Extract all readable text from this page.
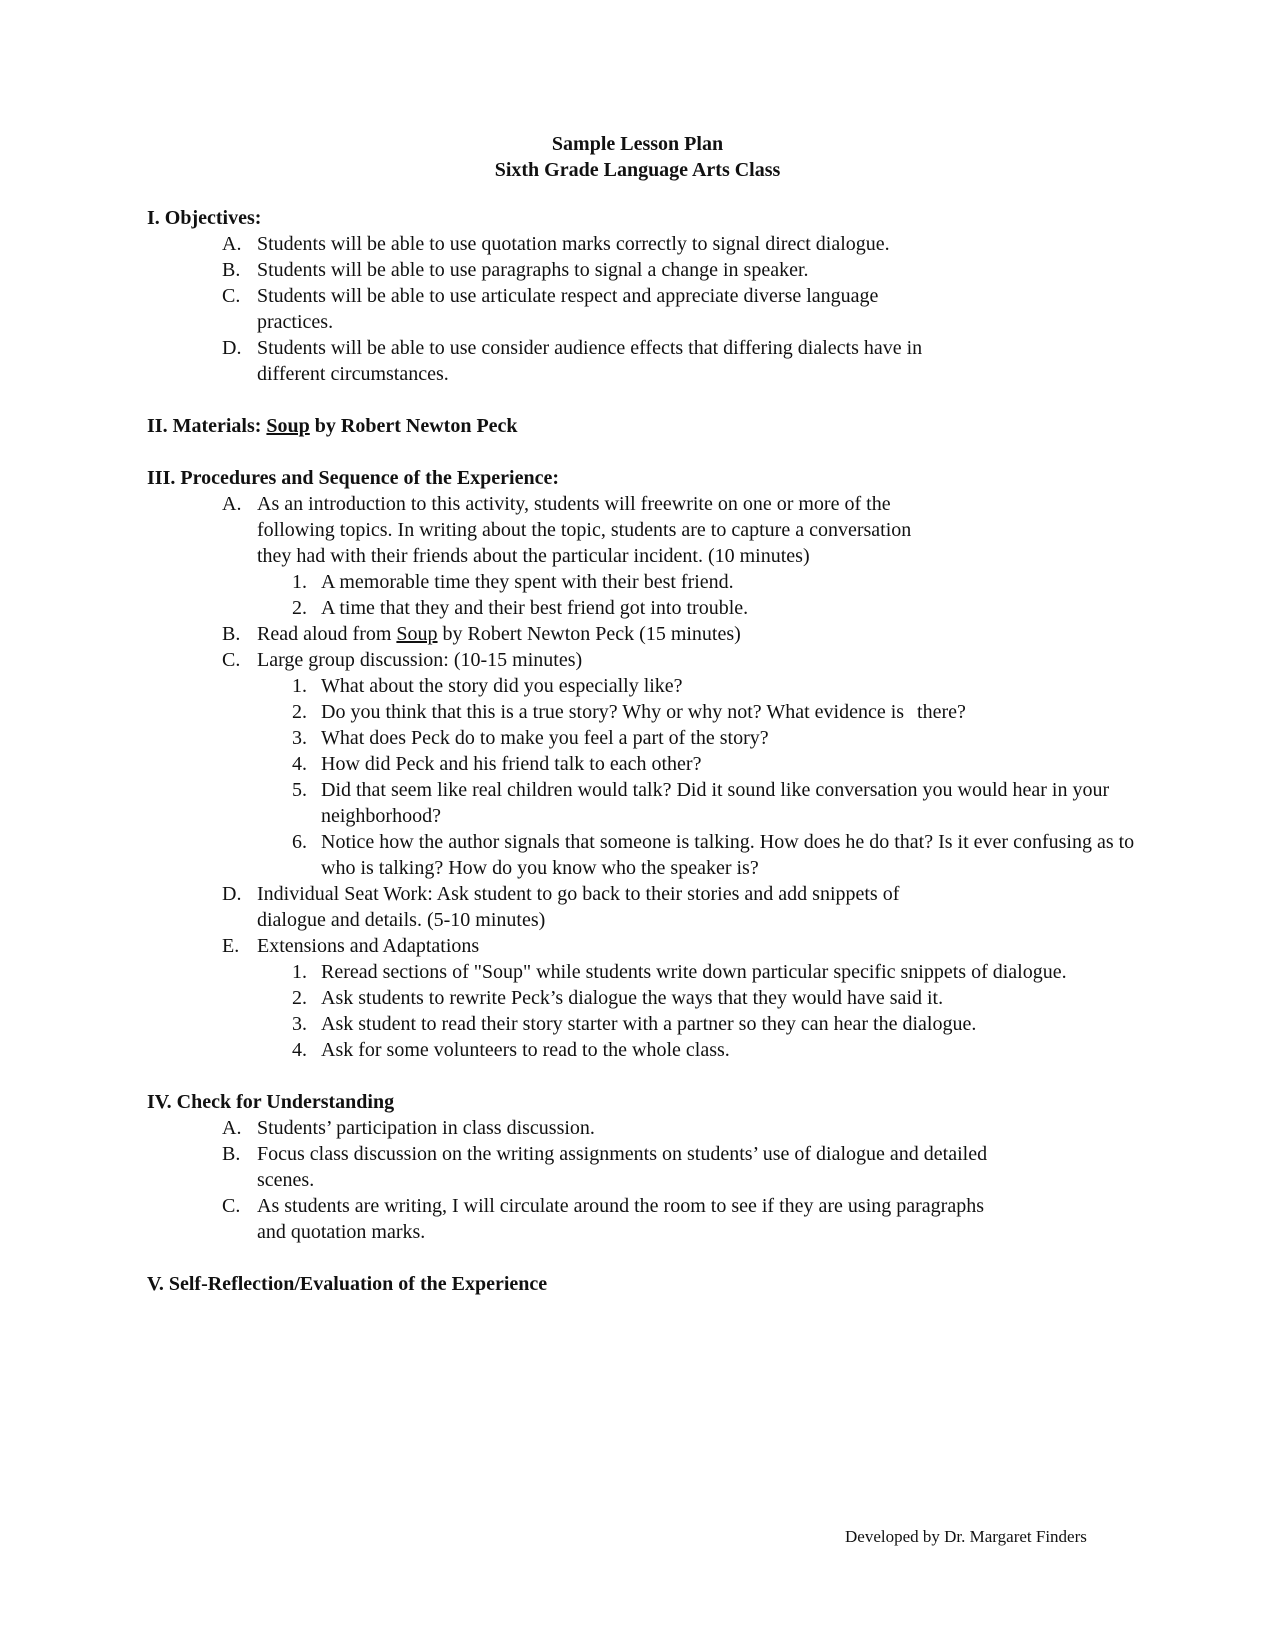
Sample Lesson Plan
Sixth Grade Language Arts Class

I. Objectives:

A. Students will be able to use quotation marks correctly to signal direct dialogue.
B. Students will be able to use paragraphs to signal a change in speaker.
C. Students will be able to use articulate respect and appreciate diverse language
practices.
D. Students will be able to use consider audience effects that differing dialects have in
different circumstances.

II. Materials: Soup by Robert Newton Peck

III. Procedures and Sequence of the Experience:

A. As an introduction to this activity, students will freewrite on one or more of the
following topics. In writing about the topic, students are to capture a conversation
they had with their friends about the particular incident. (10 minutes)
1. A memorable time they spent with their best friend.
2. A time that they and their best friend got into trouble.
B. Read aloud from Soup by Robert Newton Peck (15 minutes)
C. Large group discussion: (10-15 minutes)
1. What about the story did you especially like?
2. Do you think that this is a true story? Why or why not? What evidence is there?
3. What does Peck do to make you feel a part of the story?
4. How did Peck and his friend talk to each other?
5. Did that seem like real children would talk? Did it sound like conversation you would hear in your neighborhood?
6. Notice how the author signals that someone is talking. How does he do that? Is it ever confusing as to who is talking? How do you know who the speaker is?
D. Individual Seat Work: Ask student to go back to their stories and add snippets of
dialogue and details. (5-10 minutes)
E. Extensions and Adaptations
1. Reread sections of "Soup" while students write down particular specific snippets of dialogue.
2. Ask students to rewrite Peck’s dialogue the ways that they would have said it.
3. Ask student to read their story starter with a partner so they can hear the dialogue.
4. Ask for some volunteers to read to the whole class.

IV. Check for Understanding

A. Students’ participation in class discussion.
B. Focus class discussion on the writing assignments on students’ use of dialogue and detailed
scenes.
C. As students are writing, I will circulate around the room to see if they are using paragraphs
and quotation marks.

V. Self-Reflection/Evaluation of the Experience

Developed by Dr. Margaret Finders
